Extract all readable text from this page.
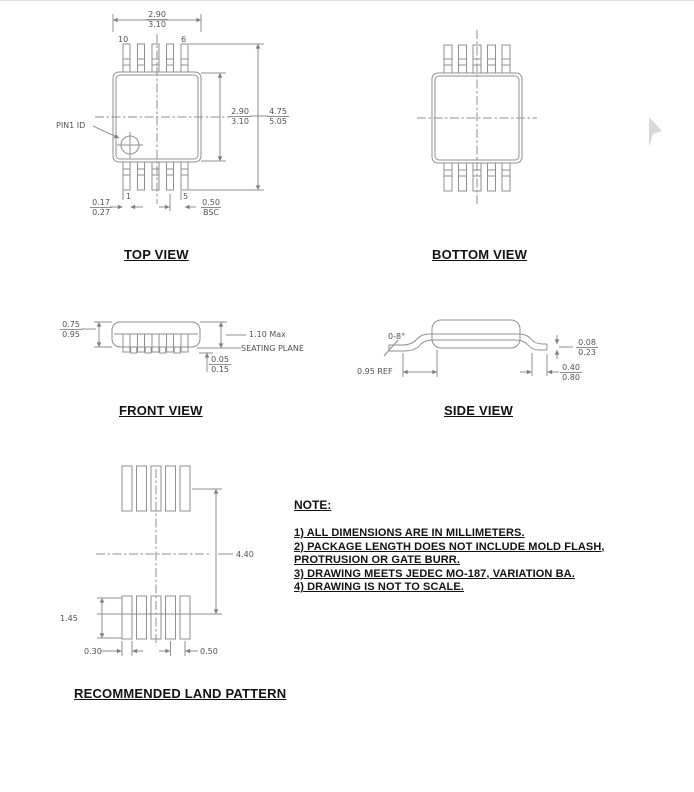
$\frac{2.90}{3.10}$
10	6
PIN1 ID	$\frac{2.90}{3.10} \frac{4.75}{5.05}$
1	5
$\frac{0.17}{0.27}$	0.50
BSC
TOP VIEW	BOTTOM VIEW
$\frac{0.75}{0.95}$	1.10 Max
SEATING PLANE
$\frac{0.05}{0.15}$
FRONT VIEW
0-8°
0.95 REF
$\frac{0.08}{0.23}$
$\frac{0.40}{0.80}$
SIDE VIEW
4.40
1.45
0.30	0.50
RECOMMENDED LAND PATTERN
NOTE:
1) ALL DIMENSIONS ARE IN MILLIMETERS.
2) PACKAGE LENGTH DOES NOT INCLUDE MOLD FLASH,
PROTRUSION OR GATE BURR.
3) DRAWING MEETS JEDEC MO-187, VARIATION BA.
4) DRAWING IS NOT TO SCALE.
